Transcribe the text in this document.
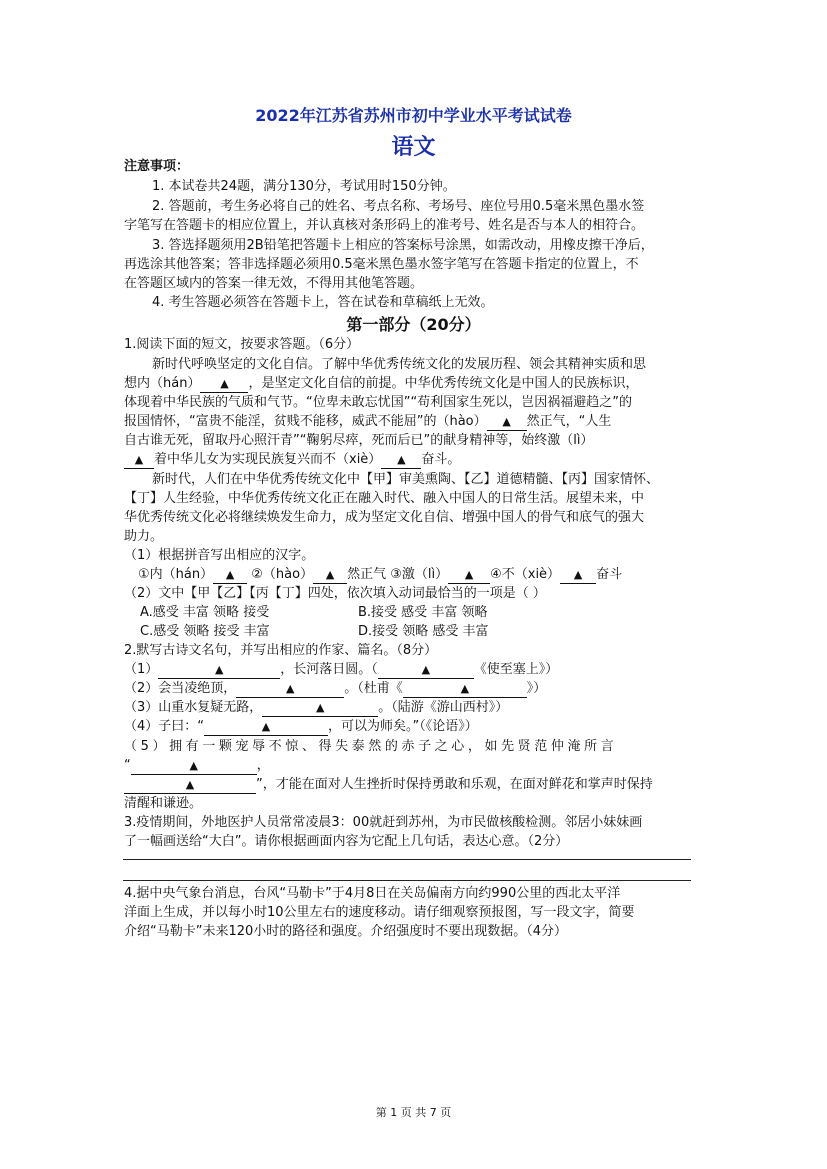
2022年江苏省苏州市初中学业水平考试试卷
语文
注意事项：
1. 本试卷共24题，满分130分，考试用时150分钟。
2. 答题前，考生务必将自己的姓名、考点名称、考场号、座位号用0.5毫米黑色墨水签
字笔写在答题卡的相应位置上，并认真核对条形码上的准考号、姓名是否与本人的相符合。
3. 答选择题须用2B铅笔把答题卡上相应的答案标号涂黑，如需改动，用橡皮擦干净后，
再选涂其他答案；答非选择题必须用0.5毫米黑色墨水签字笔写在答题卡指定的位置上，不
在答题区域内的答案一律无效，不得用其他笔答题。
4. 考生答题必须答在答题卡上，答在试卷和草稿纸上无效。
第一部分（20分）
1.阅读下面的短文，按要求答题。（6分）
新时代呼唤坚定的文化自信。了解中华优秀传统文化的发展历程、领会其精神实质和思
想内（hán） ▲ ，是坚定文化自信的前提。中华优秀传统文化是中国人的民族标识，
体现着中华民族的气质和气节。“位卑未敢忘忧国”“苟利国家生死以，岂因祸福避趋之”的
报国情怀，“富贵不能淫，贫贱不能移，威武不能屈”的（hào） ▲ 然正气，“人生
自古谁无死，留取丹心照汗青”“鞠躬尽瘁，死而后已”的献身精神等，始终激（lì）
▲ 着中华儿女为实现民族复兴而不（xiè） ▲ 奋斗。
新时代，人们在中华优秀传统文化中【甲】审美熏陶、【乙】道德精髓、【丙】国家情怀、
【丁】人生经验，中华优秀传统文化正在融入时代、融入中国人的日常生活。展望未来，中
华优秀传统文化必将继续焕发生命力，成为坚定文化自信、增强中国人的骨气和底气的强大
助力。
（1）根据拼音写出相应的汉字。
①内（hán） ▲ ②（hào） ▲ 然正气 ③激（lì） ▲ ④不（xiè） ▲ 奋斗
（2）文中【甲【乙】【丙【丁】四处，依次填入动词最恰当的一项是（ ）
A.感受 丰富 领略 接受	B.接受 感受 丰富 领略
C.感受 领略 接受 丰富	D.接受 领略 感受 丰富
2.默写古诗文名句，并写出相应的作家、篇名。（8分）
（1）	▲	，长河落日圆。（	▲	《使至塞上》）
（2）会当凌绝顶，	▲	。（杜甫《	▲	》）
（3）山重水复疑无路，	▲	。（陆游《游山西村》）
（4）子曰：“	▲	，可以为师矣。”（《论语》）
（5）拥有一颗宠辱不惊、得失泰然的赤子之心，如先贤范仲淹所言
“	▲	，
▲	”，才能在面对人生挫折时保持勇敢和乐观，在面对鲜花和掌声时保持
清醒和谦逊。
3.疫情期间，外地医护人员常常凌晨3：00就赶到苏州，为市民做核酸检测。邻居小妹妹画
了一幅画送给“大白”。请你根据画面内容为它配上几句话，表达心意。（2分）
4.据中央气象台消息，台风“马勒卡”于4月8日在关岛偏南方向约990公里的西北太平洋
洋面上生成，并以每小时10公里左右的速度移动。请仔细观察预报图，写一段文字，简要
介绍“马勒卡”未来120小时的路径和强度。介绍强度时不要出现数据。（4分）
第 1 页 共 7 页
